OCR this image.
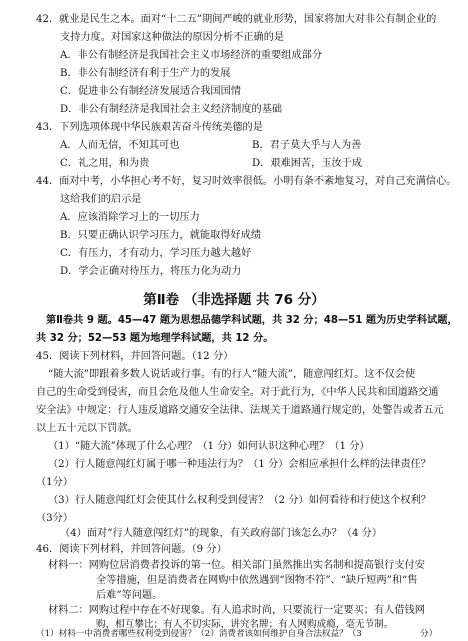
42．就业是民生之本。面对“十二五”期间严峻的就业形势，国家将加大对非公有制企业的
支持力度。对国家这种做法的原因分析不正确的是
A．非公有制经济是我国社会主义市场经济的重要组成部分
B．非公有制经济有利于生产力的发展
C．促进非公有制经济发展适合我国国情
D．非公有制经济是我国社会主义经济制度的基础
43．下列选项体现中华民族艰苦奋斗传统美德的是
A．人而无信，不知其可也	B．君子莫大乎与人为善
C．礼之用，和为贵	D．艰难困苦，玉汝于成
44．面对中考，小华担心考不好，复习时效率很低。小明有条不紊地复习，对自己充满信心。
这给我们的启示是
A．应该消除学习上的一切压力
B．只要正确认识学习压力，就能取得好成绩
C．有压力，才有动力，学习压力越大越好
D．学会正确对待压力，将压力化为动力
第Ⅱ卷 （非选择题 共 76 分）
第Ⅱ卷共 9 题。45—47 题为思想品德学科试题，共 32 分；48—51 题为历史学科试题，
共 32 分；52—53 题为地理学科试题，共 12 分。
45．阅读下列材料，并回答问题。（12 分）
“随大流”即跟着多数人说话或行事。有的行人“随大流”，随意闯红灯。这不仅会使
自己的生命受到侵害，而且会危及他人生命安全。对于此行为，《中华人民共和国道路交通
安全法》中规定：行人违反道路交通安全法律、法规关于道路通行规定的，处警告或者五元
以上五十元以下罚款。
（1）“随大流”体现了什么心理？（1 分）如何认识这种心理？（1 分）
（2）行人随意闯红灯属于哪一种违法行为？（1 分）会相应承担什么样的法律责任？
（1分）
（3）行人随意闯红灯会使其什么权利受到侵害？（2 分）如何看待和行使这个权利？
（3分）
（4）面对“行人随意闯红灯”的现象，有关政府部门该怎么办？（4 分）
46．阅读下列材料，并回答问题。（9 分）
材料一：网购位居消费者投诉的第一位。相关部门虽然推出实名制和提高银行支付安
全等措施，但是消费者在网购中依然遇到“图物不符”、“缺斤短两”和“售
后难”等问题。
材料二：网购过程中存在不好现象。有人追求时尚，只要流行一定要买；有人借钱网
购，相互攀比；有人不切实际，讲究名牌；有人网购成瘾，毫无节制。
（1）材料一中消费者哪些权利受到侵害？（2）消费者该如何维护自身合法权益？（3	分）
